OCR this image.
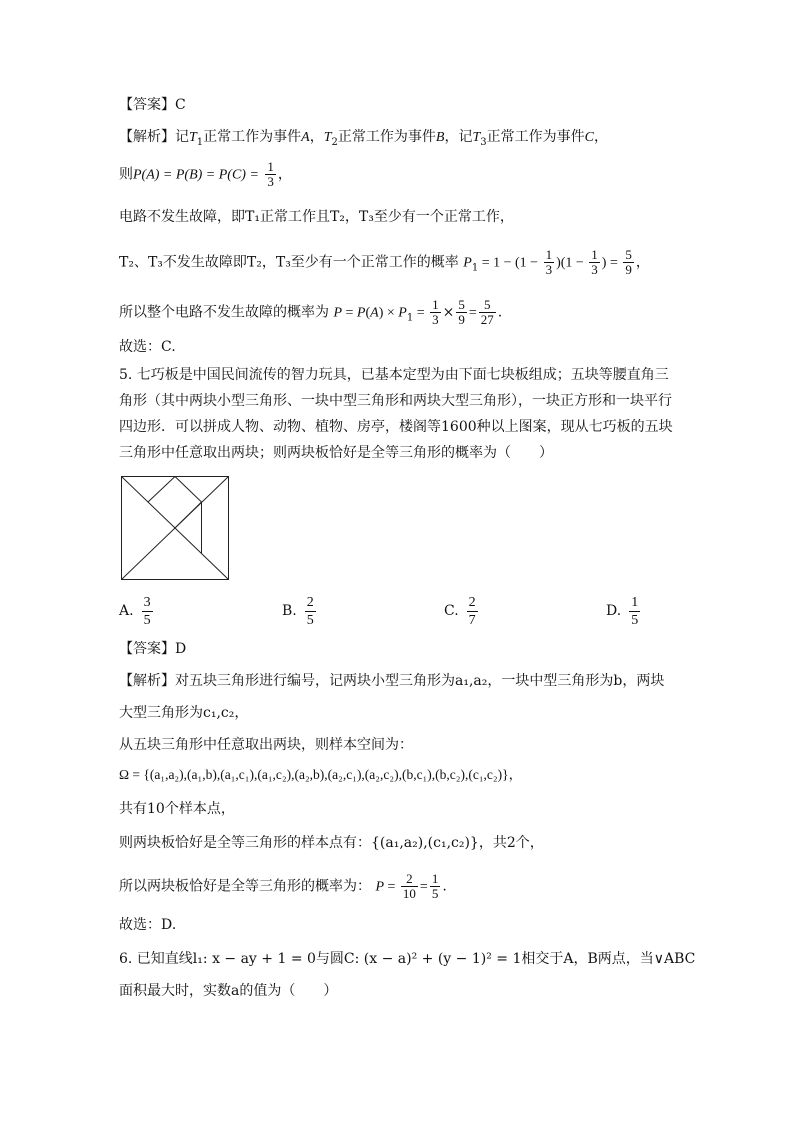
【答案】C
【解析】记$T_1$正常工作为事件A，$T_2$正常工作为事件B，记$T_3$正常工作为事件C，
则$P(A) = P(B) = P(C) = \frac{1}{3}$ ，
电路不发生故障，即T₁正常工作且T₂，T₃至少有一个正常工作，
T₂、T₃不发生故障即T₂，T₃至少有一个正常工作的概率 $P_1 = 1 - (1 - \frac{1}{3} )(1 - \frac{1}{3}$ ) = $\frac{5}{9}$ ，
所以整个电路不发生故障的概率为 $P = P(A) \times P_1 = \frac{1}{3} \times \frac{5}{9} = \frac{5}{27}$ .
故选：C.
5. 七巧板是中国民间流传的智力玩具，已基本定型为由下面七块板组成；五块等腰直角三
角形（其中两块小型三角形、一块中型三角形和两块大型三角形），一块正方形和一块平行
四边形．可以拼成人物、动物、植物、房亭，楼阁等1600种以上图案，现从七巧板的五块
三角形中任意取出两块；则两块板恰好是全等三角形的概率为（　　）
A. $\frac{3}{5}$	B. $\frac{2}{5}$	C. $\frac{2}{7}$	D. $\frac{1}{5}$
【答案】D
【解析】对五块三角形进行编号，记两块小型三角形为a₁,a₂，一块中型三角形为b，两块
大型三角形为c₁,c₂，
从五块三角形中任意取出两块，则样本空间为：
Ω = {(a₁,a₂),(a₁,b),(a₁,c₁),(a₁,c₂),(a₂,b),(a₂,c₁),(a₂,c₂),(b,c₁),(b,c₂),(c₁,c₂)}，
共有10个样本点，
则两块板恰好是全等三角形的样本点有：{(a₁,a₂),(c₁,c₂)}，共2个，
所以两块板恰好是全等三角形的概率为： $P = \frac{2}{10} = \frac{1}{5}$ .
故选：D.
6. 已知直线l₁: x − ay + 1 = 0与圆C: (x − a)² + (y − 1)² = 1相交于A，B两点，当∨ABC
面积最大时，实数a的值为（　　）
